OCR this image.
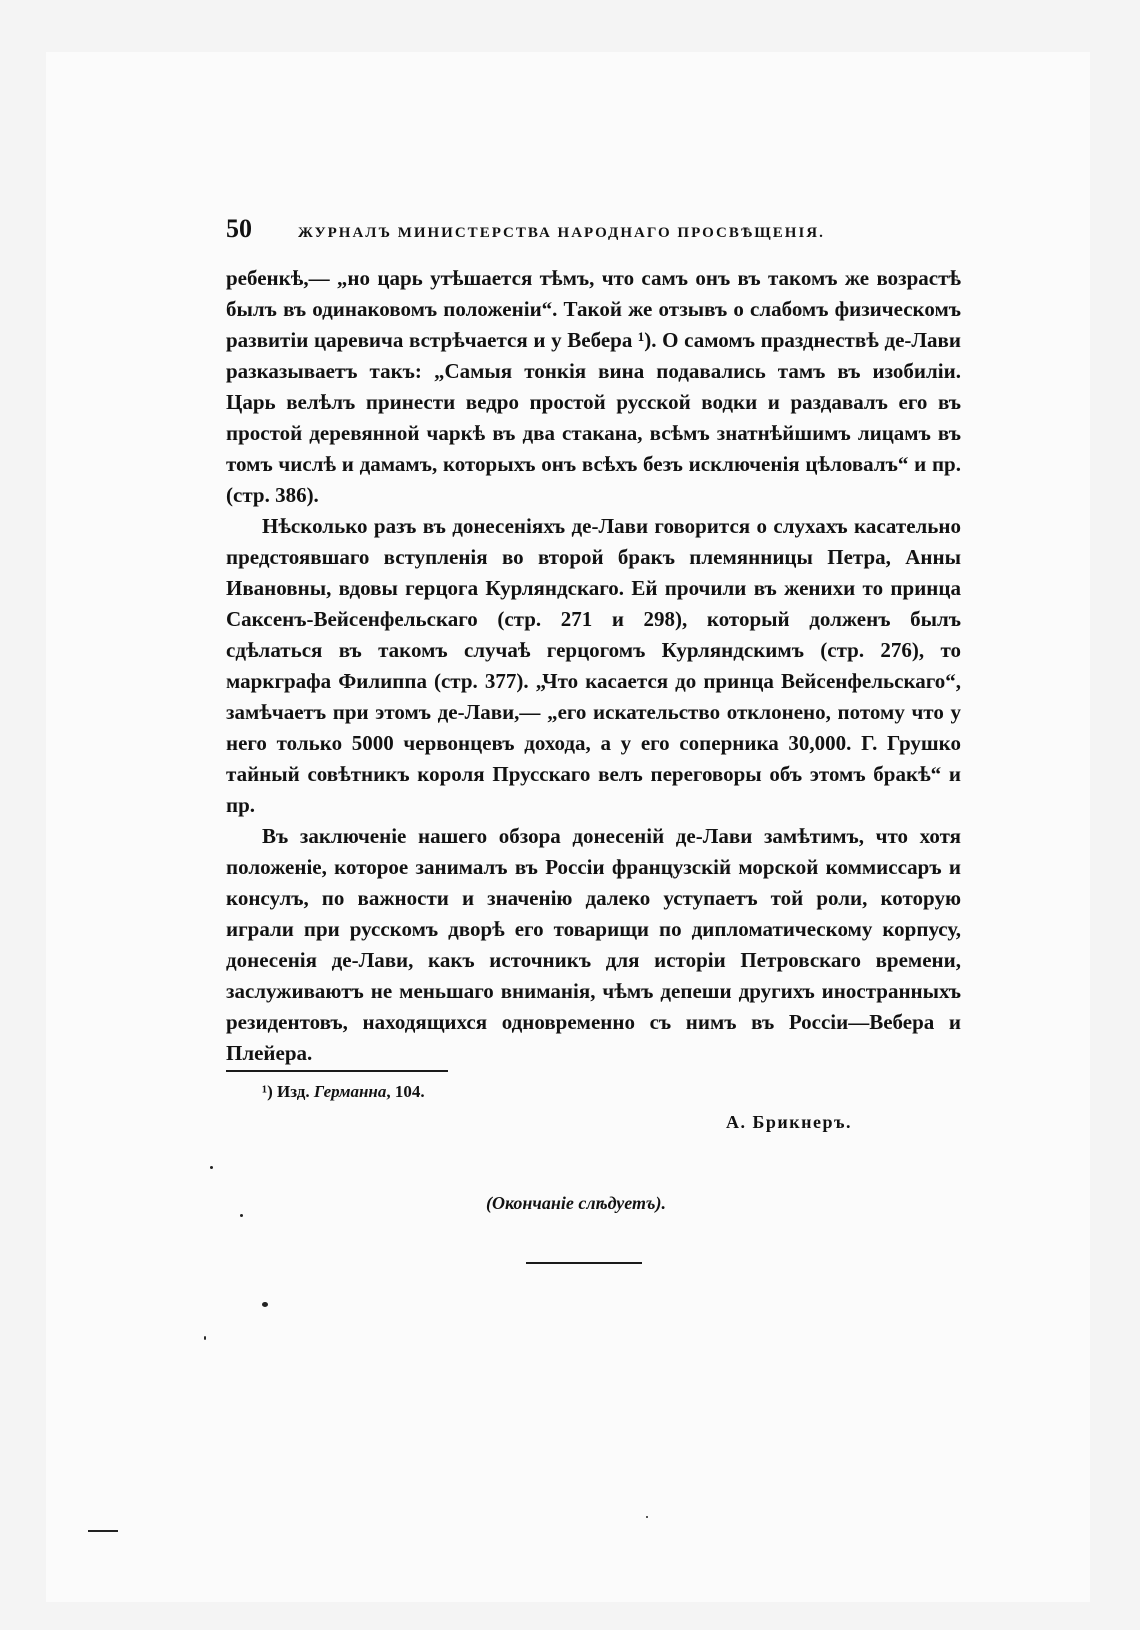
50	ЖУРНАЛЪ МИНИСТЕРСТВА НАРОДНАГО ПРОСВѢЩЕНІЯ.

ребенкѣ,— „но царь утѣшается тѣмъ, что самъ онъ въ такомъ же возрастѣ былъ въ одинаковомъ положеніи“. Такой же отзывъ о слабомъ физическомъ развитіи царевича встрѣчается и у Вебера ¹). О самомъ празднествѣ де-Лави разказываетъ такъ: „Самыя тонкія вина подавались тамъ въ изобиліи. Царь велѣлъ принести ведро простой русской водки и раздавалъ его въ простой деревянной чаркѣ въ два стакана, всѣмъ знатнѣйшимъ лицамъ въ томъ числѣ и дамамъ, которыхъ онъ всѣхъ безъ исключенія цѣловалъ“ и пр. (стр. 386).

Нѣсколько разъ въ донесеніяхъ де-Лави говорится о слухахъ касательно предстоявшаго вступленія во второй бракъ племянницы Петра, Анны Ивановны, вдовы герцога Курляндскаго. Ей прочили въ женихи то принца Саксенъ-Вейсенфельскаго (стр. 271 и 298), который долженъ былъ сдѣлаться въ такомъ случаѣ герцогомъ Курляндскимъ (стр. 276), то маркграфа Филиппа (стр. 377). „Что касается до принца Вейсенфельскаго“, замѣчаетъ при этомъ де-Лави,— „его искательство отклонено, потому что у него только 5000 червонцевъ дохода, а у его соперника 30,000. Г. Грушко тайный совѣтникъ короля Прусскаго велъ переговоры объ этомъ бракѣ“ и пр.

Въ заключеніе нашего обзора донесеній де-Лави замѣтимъ, что хотя положеніе, которое занималъ въ Россіи французскій морской коммиссаръ и консулъ, по важности и значенію далеко уступаетъ той роли, которую играли при русскомъ дворѣ его товарищи по дипломатическому корпусу, донесенія де-Лави, какъ источникъ для исторіи Петровскаго времени, заслуживаютъ не меньшаго вниманія, чѣмъ депеши другихъ иностранныхъ резидентовъ, находящихся одновременно съ нимъ въ Россіи—Вебера и Плейера.

¹) Изд. Германна, 104.
А. Брикнеръ.
(Окончаніе слѣдуетъ).
